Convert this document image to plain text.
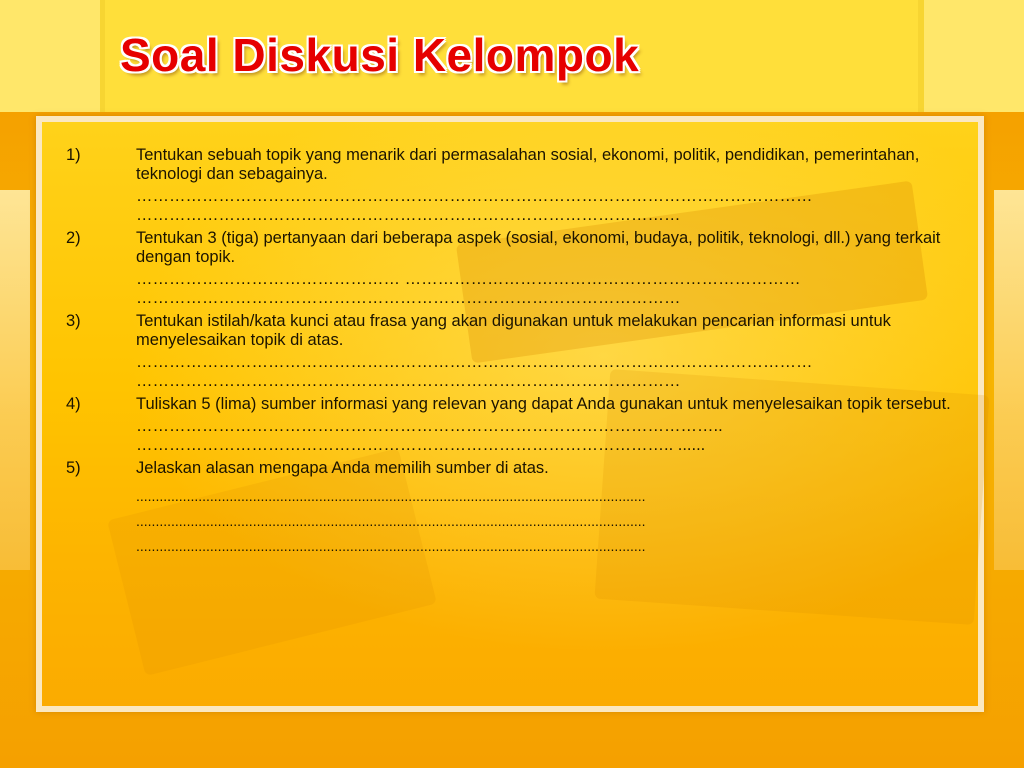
Soal Diskusi Kelompok
1)	Tentukan sebuah topik yang menarik dari permasalahan sosial, ekonomi, politik, pendidikan, pemerintahan, teknologi dan sebagainya.

……………………………………………………………………………………………………………

………………………………………………………………………………………

2)	Tentukan 3 (tiga) pertanyaan dari beberapa aspek (sosial, ekonomi, budaya, politik, teknologi, dll.) yang terkait dengan topik.

………………………………………… ………………………………………………………………

………………………………………………………………………………………

3)	Tentukan istilah/kata kunci atau frasa yang akan digunakan untuk melakukan pencarian informasi untuk menyelesaikan topik di atas.

……………………………………………………………………………………………………………

………………………………………………………………………………………

4)	Tuliskan 5 (lima) sumber informasi yang relevan yang dapat Anda gunakan untuk menyelesaikan topik tersebut.

……………………………………………………………………………………………..

…………………………………………………………………………………….. ......

5)	Jelaskan alasan mengapa Anda memilih sumber di atas.

...................................................................................................................................

...................................................................................................................................

...................................................................................................................................
